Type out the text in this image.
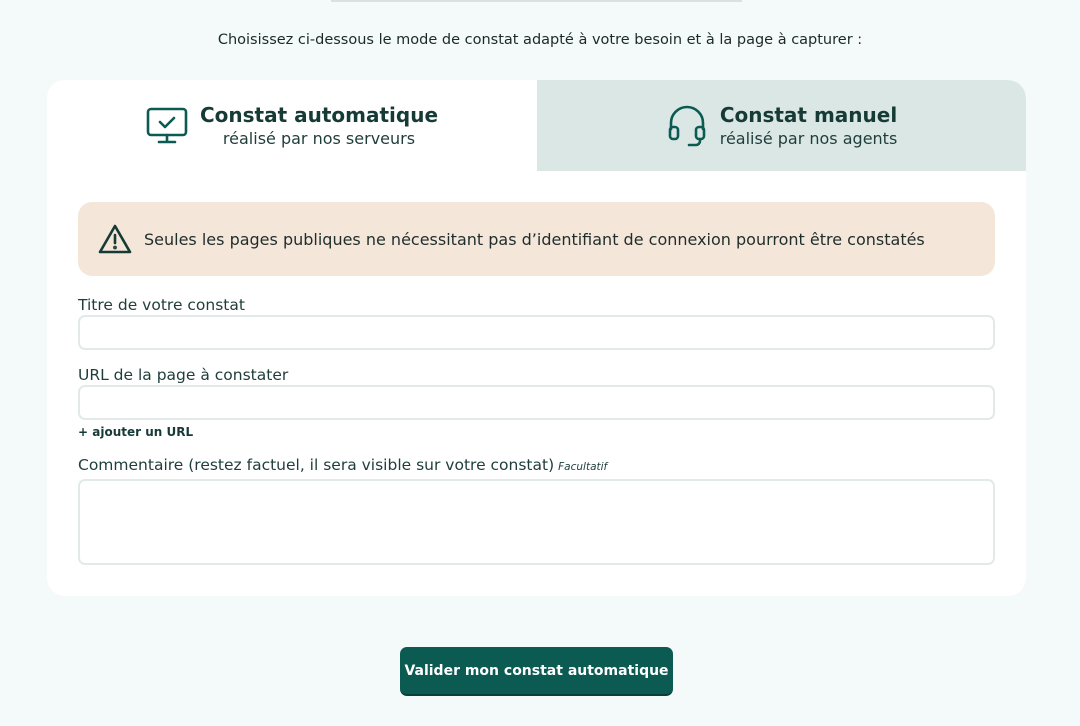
Choisissez ci-dessous le mode de constat adapté à votre besoin et à la page à capturer :

Constat automatique
réalisé par nos serveurs
Constat manuel
réalisé par nos agents
Seules les pages publiques ne nécessitant pas d’identifiant de connexion pourront être constatés
Titre de votre constat
URL de la page à constater
+ ajouter un URL
Commentaire (restez factuel, il sera visible sur votre constat) Facultatif
Valider mon constat automatique
